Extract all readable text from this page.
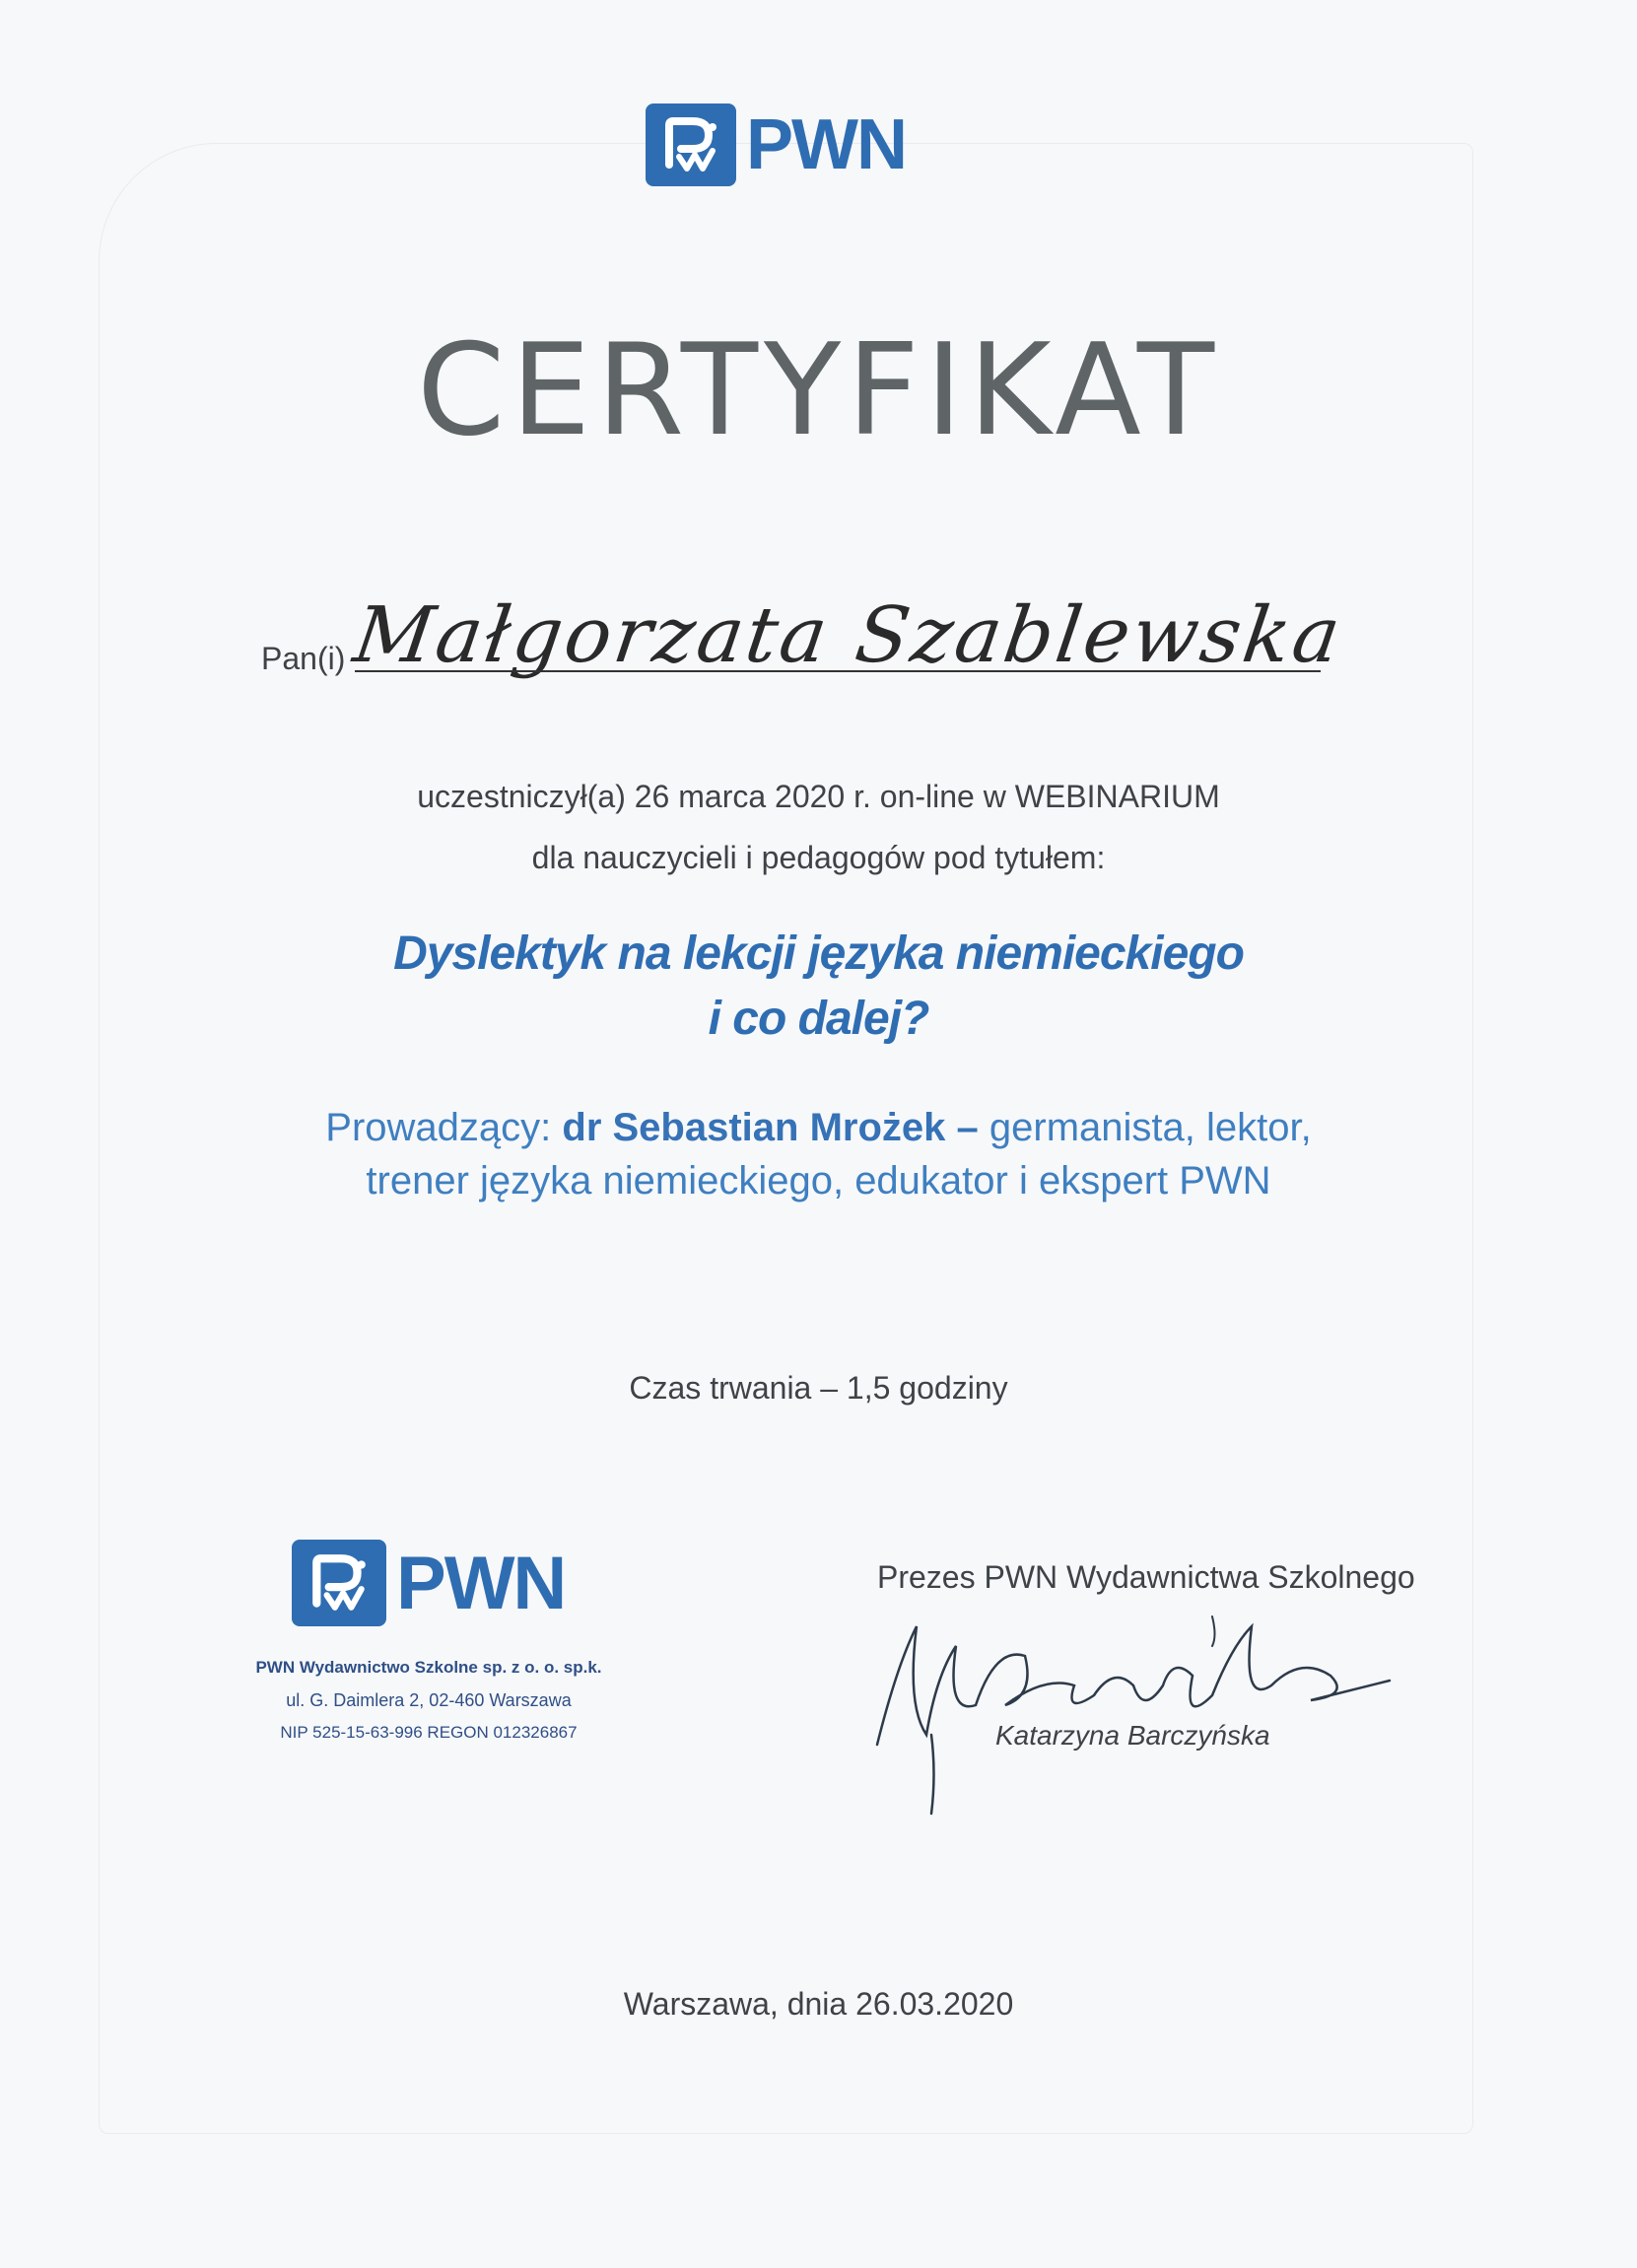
PWN
CERTYFIKAT
Pan(i) Małgorzata Szablewska
uczestniczył(a) 26 marca 2020 r. on-line w WEBINARIUM
dla nauczycieli i pedagogów pod tytułem:
Dyslektyk na lekcji języka niemieckiego
i co dalej?
Prowadzący: dr Sebastian Mrożek – germanista, lektor,
trener języka niemieckiego, edukator i ekspert PWN
Czas trwania – 1,5 godziny
PWN
PWN Wydawnictwo Szkolne sp. z o. o. sp.k.
ul. G. Daimlera 2, 02-460 Warszawa
NIP 525-15-63-996 REGON 012326867
Prezes PWN Wydawnictwa Szkolnego
Katarzyna Barczyńska
Warszawa, dnia 26.03.2020
